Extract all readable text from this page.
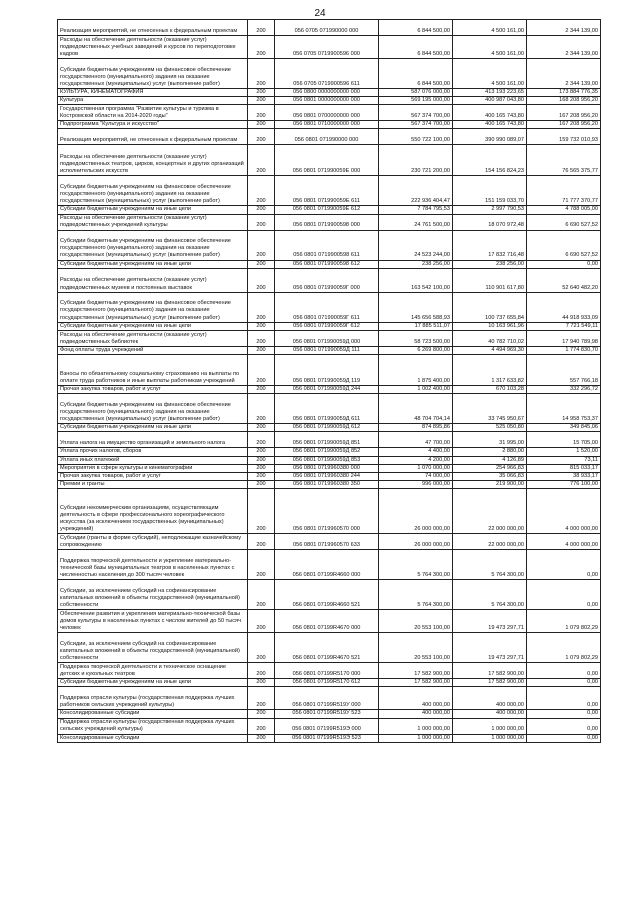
24
Реализация мероприятий, не отнесенных к федеральным проектам	200	056 0705 071990000 000	6 844 500,00	4 500 161,00	2 344 139,00
Расходы на обеспечение деятельности (оказание услуг) подведомственных учебных заведений и курсов по переподготовке кадров	200	056 0705 0719900596 000	6 844 500,00	4 500 161,00	2 344 139,00
Субсидии бюджетным учреждениям на финансовое обеспечение государственного (муниципального) задания на оказание государственных (муниципальных) услуг (выполнение работ)	200	056 0705 0719900596 611	6 844 500,00	4 500 161,00	2 344 139,00
КУЛЬТУРА, КИНЕМАТОГРАФИЯ	200	056 0800 0000000000 000	587 076 000,00	413 193 223,65	173 884 776,35
Культура	200	056 0801 0000000000 000	569 195 000,00	400 987 043,80	168 208 956,20
Государственная программа "Развитие культуры и туризма в Костромской области на 2014-2020 годы"	200	056 0801 0700000000 000	567 374 700,00	400 165 743,80	167 208 956,20
Подпрограмма "Культура и искусство"	200	056 0801 0710000000 000	567 374 700,00	400 165 743,80	167 208 956,20
Реализация мероприятий, не отнесенных к федеральным проектам	200	056 0801 071990000 000	550 722 100,00	390 990 089,07	159 732 010,93
Расходы на обеспечение деятельности (оказание услуг) подведомственных театров, цирков, концертных и других организаций исполнительских искусств	200	056 0801 071990059Е 000	230 721 200,00	154 156 824,23	76 565 375,77
Субсидии бюджетным учреждениям на финансовое обеспечение государственного (муниципального) задания на оказание государственных (муниципальных) услуг (выполнение работ)	200	056 0801 071990059Е 611	222 936 404,47	151 159 033,70	71 777 370,77
Субсидии бюджетным учреждениям на иные цели	200	056 0801 071990059Е 612	7 784 795,53	2 997 790,53	4 788 005,00
Расходы на обеспечение деятельности (оказание услуг) подведомственных учреждений культуры	200	056 0801 0719900598 000	24 761 500,00	18 070 972,48	6 690 527,52
Субсидии бюджетным учреждениям на финансовое обеспечение государственного (муниципального) задания на оказание государственных (муниципальных) услуг (выполнение работ)	200	056 0801 0719900598 611	24 523 244,00	17 832 716,48	6 690 527,52
Субсидии бюджетным учреждениям на иные цели	200	056 0801 0719900598 612	238 256,00	238 256,00	0,00
Расходы на обеспечение деятельности (оказание услуг) подведомственных музеев и постоянных выставок	200	056 0801 071990059Г 000	163 542 100,00	110 901 617,80	52 640 482,20
Субсидии бюджетным учреждениям на финансовое обеспечение государственного (муниципального) задания на оказание государственных (муниципальных) услуг (выполнение работ)	200	056 0801 071990059Г 611	145 656 588,93	100 737 655,84	44 918 933,09
Субсидии бюджетным учреждениям на иные цели	200	056 0801 071990059Г 612	17 885 511,07	10 163 961,96	7 721 549,11
Расходы на обеспечение деятельности (оказание услуг) подведомственных библиотек	200	056 0801 071990059Д 000	58 723 500,00	40 782 710,02	17 940 789,98
Фонд оплаты труда учреждений	200	056 0801 071990059Д 111	6 269 800,00	4 494 969,30	1 774 830,70
Взносы по обязательному социальному страхованию на выплаты по оплате труда работников и иные выплаты работникам учреждений	200	056 0801 071990059Д 119	1 875 400,00	1 317 633,82	557 766,18
Прочая закупка товаров, работ и услуг	200	056 0801 071990059Д 244	1 002 400,00	670 103,28	332 296,72
Субсидии бюджетным учреждениям на финансовое обеспечение государственного (муниципального) задания на оказание государственных (муниципальных) услуг (выполнение работ)	200	056 0801 071990059Д 611	48 704 704,14	33 745 950,67	14 958 753,37
Субсидии бюджетным учреждениям на иные цели	200	056 0801 071990059Д 612	874 895,86	525 050,80	349 845,06
Уплата налога на имущество организаций и земельного налога	200	056 0801 071990059Д 851	47 700,00	31 995,00	15 705,00
Уплата прочих налогов, сборов	200	056 0801 071990059Д 852	4 400,00	2 880,00	1 520,00
Уплата иных платежей	200	056 0801 071990059Д 853	4 200,00	4 126,89	73,11
Мероприятия в сфере культуры и кинематографии	200	056 0801 0719960380 000	1 070 000,00	254 966,83	815 033,17
Прочая закупка товаров, работ и услуг	200	056 0801 0719960380 244	74 000,00	35 066,83	38 933,17
Премии и гранты	200	056 0801 0719960380 350	996 000,00	219 900,00	776 100,00
Субсидии некоммерческим организациям, осуществляющим деятельность в сфере профессионального хореографического искусства (за исключением государственных (муниципальных) учреждений)	200	056 0801 0719960570 000	26 000 000,00	22 000 000,00	4 000 000,00
Субсидии (гранты в форме субсидий), неподлежащие казначейскому сопровождению	200	056 0801 0719960570 633	26 000 000,00	22 000 000,00	4 000 000,00
Поддержка творческой деятельности и укрепление материально-технической базы муниципальных театров в населенных пунктах с численностью населения до 300 тысяч человек	200	056 0801 07199R4660 000	5 764 300,00	5 764 300,00	0,00
Субсидии, за исключением субсидий на софинансирование капитальных вложений в объекты государственной (муниципальной) собственности	200	056 0801 07199R4660 521	5 764 300,00	5 764 300,00	0,00
Обеспечение развития и укрепления материально-технической базы домов культуры в населенных пунктах с числом жителей до 50 тысяч человек	200	056 0801 07199R4670 000	20 553 100,00	19 473 297,71	1 079 802,29
Субсидии, за исключением субсидий на софинансирование капитальных вложений в объекты государственной (муниципальной) собственности	200	056 0801 07199R4670 521	20 553 100,00	19 473 297,71	1 079 802,29
Поддержка творческой деятельности и техническое оснащение детских и кукольных театров	200	056 0801 07199R5170 000	17 582 900,00	17 582 900,00	0,00
Субсидии бюджетным учреждениям на иные цели	200	056 0801 07199R5170 612	17 582 900,00	17 582 900,00	0,00
Поддержка отрасли культуры (государственная поддержка лучших работников сельских учреждений культуры)	200	056 0801 07199R519У 000	400 000,00	400 000,00	0,00
Консолидированные субсидии	200	056 0801 07199R519У 523	400 000,00	400 000,00	0,00
Поддержка отрасли культуры (государственная поддержка лучших сельских учреждений культуры)	200	056 0801 07199R519Э 000	1 000 000,00	1 000 000,00	0,00
Консолидированные субсидии	200	056 0801 07199R519Э 523	1 000 000,00	1 000 000,00	0,00
